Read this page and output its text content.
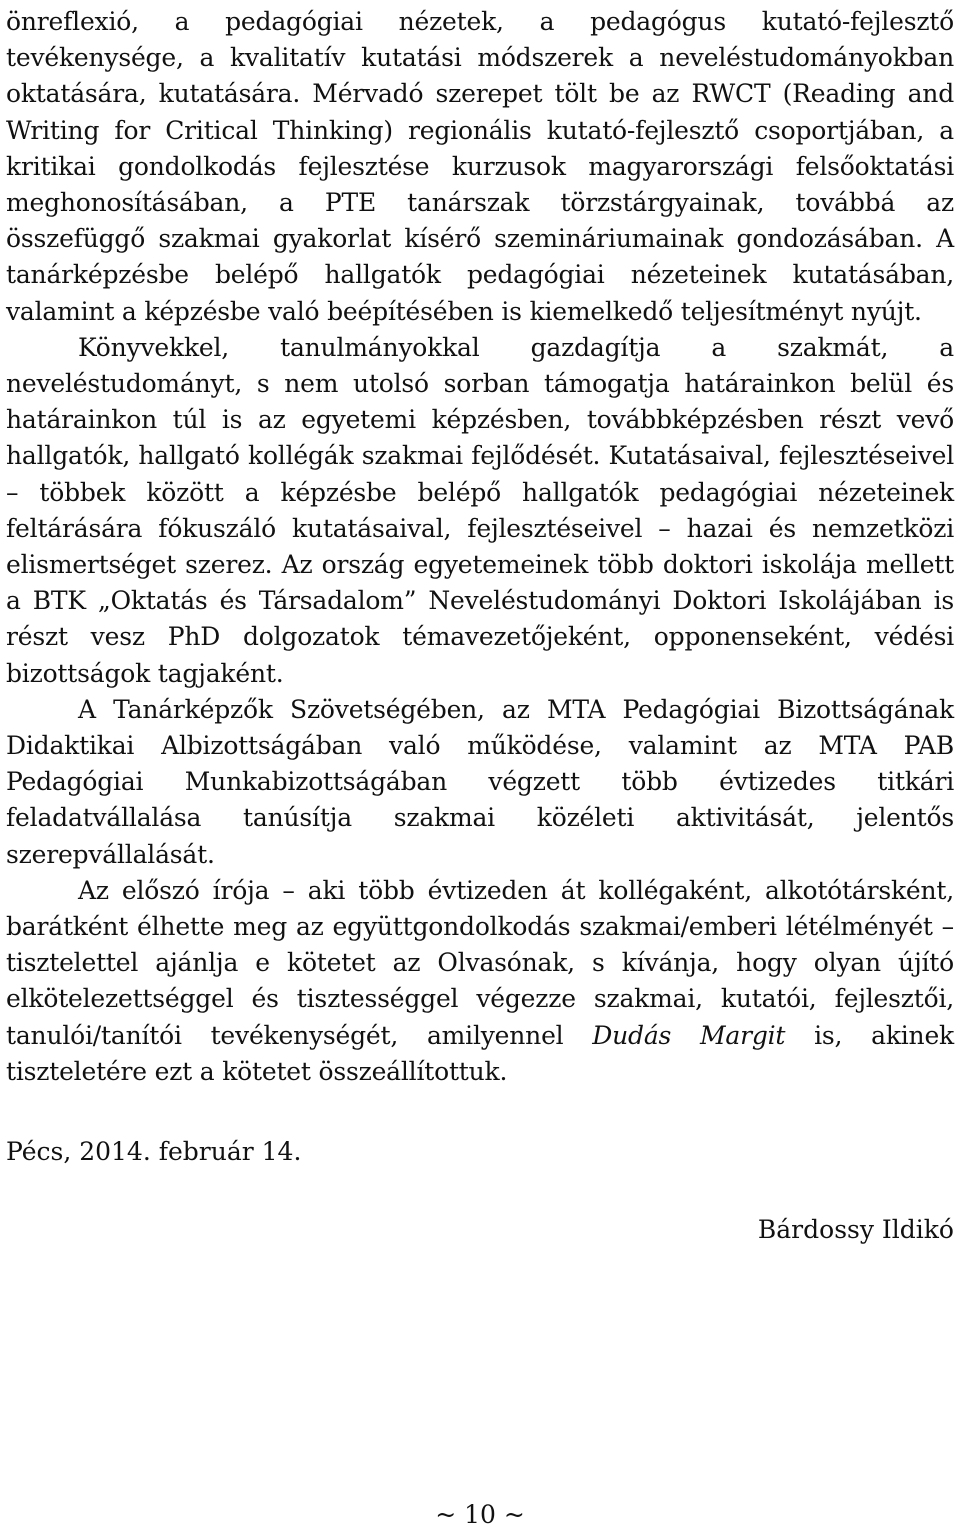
önreflexió, a pedagógiai nézetek, a pedagógus kutató-fejlesztő tevékenysége, a kvalitatív kutatási módszerek a neveléstudományokban oktatására, kutatására. Mérvadó szerepet tölt be az RWCT (Reading and Writing for Critical Thinking) regionális kutató-fejlesztő csoportjában, a kritikai gondolkodás fejlesztése kurzusok magyarországi felsőoktatási meghonosításában, a PTE tanárszak törzstárgyainak, továbbá az összefüggő szakmai gyakorlat kísérő szemináriumainak gondozásában. A tanárképzésbe belépő hallgatók pedagógiai nézeteinek kutatásában, valamint a képzésbe való beépítésében is kiemelkedő teljesítményt nyújt.

Könyvekkel, tanulmányokkal gazdagítja a szakmát, a neveléstudományt, s nem utolsó sorban támogatja határainkon belül és határainkon túl is az egyetemi képzésben, továbbképzésben részt vevő hallgatók, hallgató kollégák szakmai fejlődését. Kutatásaival, fejlesztéseivel – többek között a képzésbe belépő hallgatók pedagógiai nézeteinek feltárására fókuszáló kutatásaival, fejlesztéseivel – hazai és nemzetközi elismertséget szerez. Az ország egyetemeinek több doktori iskolája mellett a BTK „Oktatás és Társadalom” Neveléstudományi Doktori Iskolájában is részt vesz PhD dolgozatok témavezetőjeként, opponenseként, védési bizottságok tagjaként.

A Tanárképzők Szövetségében, az MTA Pedagógiai Bizottságának Didaktikai Albizottságában való működése, valamint az MTA PAB Pedagógiai Munkabizottságában végzett több évtizedes titkári feladatvállalása tanúsítja szakmai közéleti aktivitását, jelentős szerepvállalását.

Az előszó írója – aki több évtizeden át kollégaként, alkotótársként, barátként élhette meg az együttgondolkodás szakmai/emberi létélményét – tisztelettel ajánlja e kötetet az Olvasónak, s kívánja, hogy olyan újító elkötelezettséggel és tisztességgel végezze szakmai, kutatói, fejlesztői, tanulói/tanítói tevékenységét, amilyennel Dudás Margit is, akinek tiszteletére ezt a kötetet összeállítottuk.

Pécs, 2014. február 14.

Bárdossy Ildikó

~ 10 ~
